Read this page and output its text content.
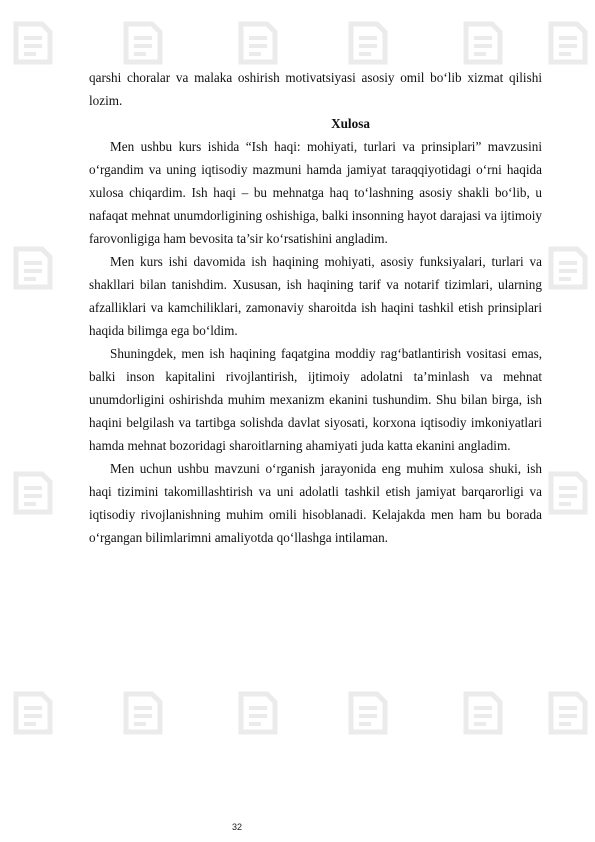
qarshi choralar va malaka oshirish motivatsiyasi asosiy omil bo‘lib xizmat qilishi lozim.

Xulosa

Men ushbu kurs ishida “Ish haqi: mohiyati, turlari va prinsiplari” mavzusini o‘rgandim va uning iqtisodiy mazmuni hamda jamiyat taraqqiyotidagi o‘rni haqida xulosa chiqardim. Ish haqi – bu mehnatga haq to‘lashning asosiy shakli bo‘lib, u nafaqat mehnat unumdorligining oshishiga, balki insonning hayot darajasi va ijtimoiy farovonligiga ham bevosita ta’sir ko‘rsatishini angladim.

Men kurs ishi davomida ish haqining mohiyati, asosiy funksiyalari, turlari va shakllari bilan tanishdim. Xususan, ish haqining tarif va notarif tizimlari, ularning afzalliklari va kamchiliklari, zamonaviy sharoitda ish haqini tashkil etish prinsiplari haqida bilimga ega bo‘ldim.

Shuningdek, men ish haqining faqatgina moddiy rag‘batlantirish vositasi emas, balki inson kapitalini rivojlantirish, ijtimoiy adolatni ta’minlash va mehnat unumdorligini oshirishda muhim mexanizm ekanini tushundim. Shu bilan birga, ish haqini belgilash va tartibga solishda davlat siyosati, korxona iqtisodiy imkoniyatlari hamda mehnat bozoridagi sharoitlarning ahamiyati juda katta ekanini angladim.

Men uchun ushbu mavzuni o‘rganish jarayonida eng muhim xulosa shuki, ish haqi tizimini takomillashtirish va uni adolatli tashkil etish jamiyat barqarorligi va iqtisodiy rivojlanishning muhim omili hisoblanadi. Kelajakda men ham bu borada o‘rgangan bilimlarimni amaliyotda qo‘llashga intilaman.

32
